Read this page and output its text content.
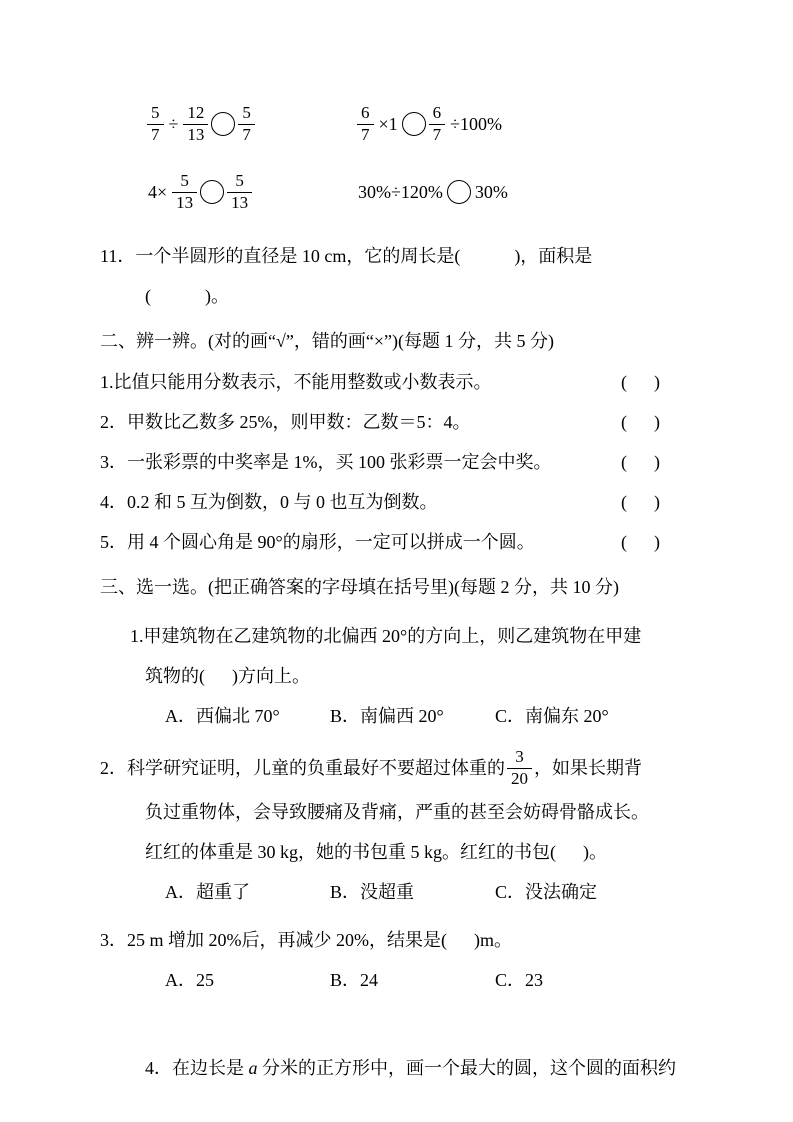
$\frac{5}{7} \div \frac{12}{13} \frac{5}{7}$	$\frac{6}{7} \times 1 \frac{6}{7} \div 100\%$
$4\times \frac{5}{13} \frac{5}{13}$	30%÷120% 30%
11．一个半圆形的直径是 10 cm，它的周长是(            )，面积是
(            )。
二、辨一辨。(对的画“√”，错的画“×”)(每题 1 分，共 5 分)
1.比值只能用分数表示，不能用整数或小数表示。	(      )
2．甲数比乙数多 25%，则甲数：乙数＝5：4。	(      )
3．一张彩票的中奖率是 1%，买 100 张彩票一定会中奖。	(      )
4．0.2 和 5 互为倒数，0 与 0 也互为倒数。	(      )
5．用 4 个圆心角是 90°的扇形，一定可以拼成一个圆。	(      )
三、选一选。(把正确答案的字母填在括号里)(每题 2 分，共 10 分)
1.甲建筑物在乙建筑物的北偏西 20°的方向上，则乙建筑物在甲建
筑物的(      )方向上。
A．西偏北 70°	B．南偏西 20°	C．南偏东 20°
2．科学研究证明，儿童的负重最好不要超过体重的 $\frac{3}{20}$ ，如果长期背
负过重物体，会导致腰痛及背痛，严重的甚至会妨碍骨骼成长。
红红的体重是 30 kg，她的书包重 5 kg。红红的书包(      )。
A．超重了	B．没超重	C．没法确定
3．25 m 增加 20%后，再减少 20%，结果是(      )m。
A．25	B．24	C．23

4．在边长是 a 分米的正方形中，画一个最大的圆，这个圆的面积约
